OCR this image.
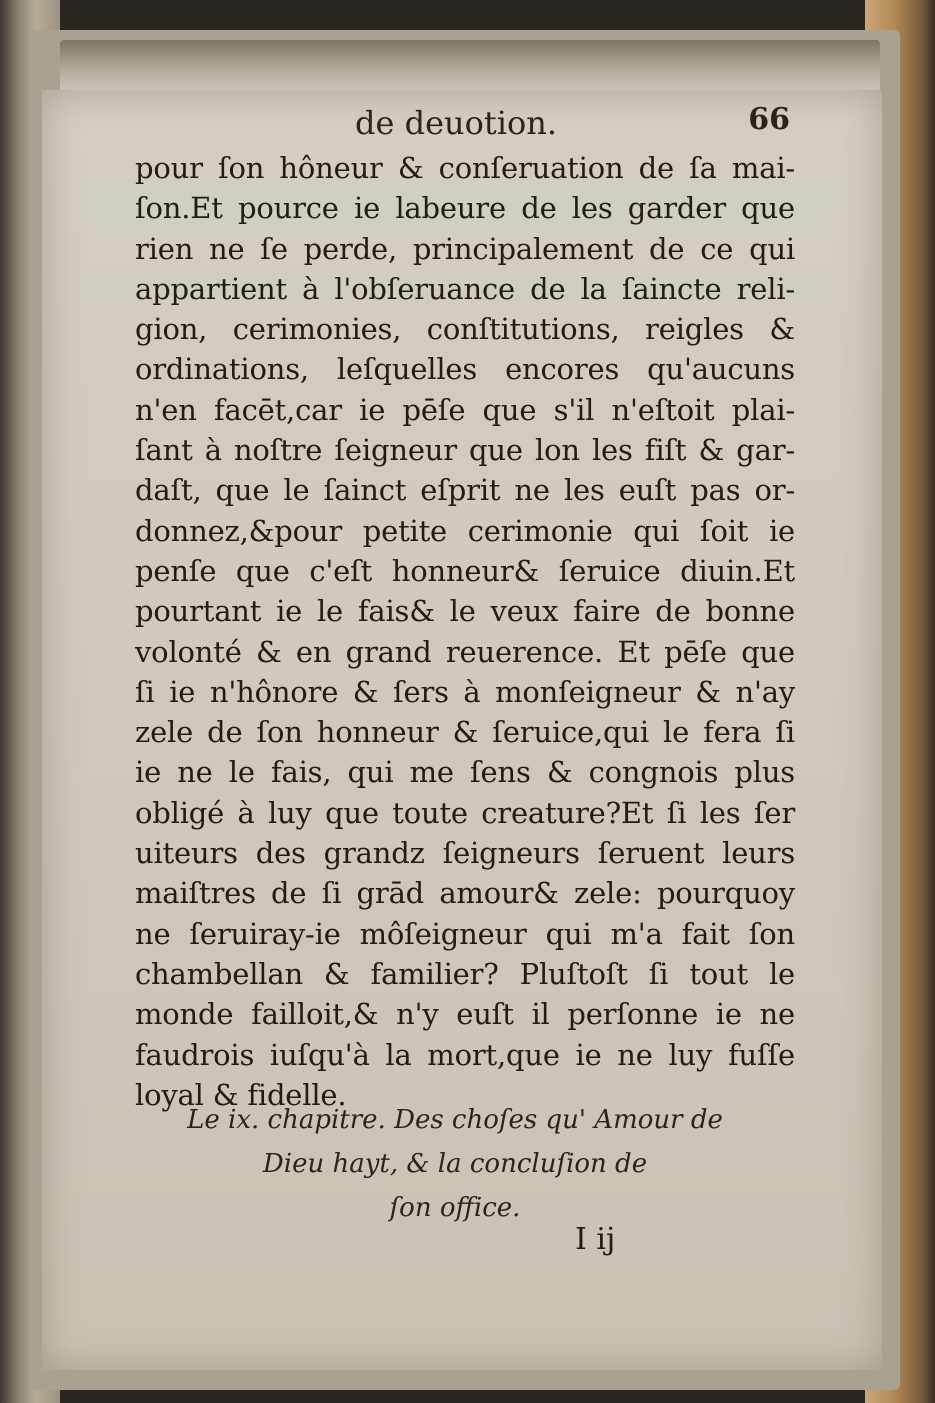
de deuotion.	66
pour ſon hôneur & conſeruation de ſa mai-
ſon.Et pource ie labeure de les garder que
rien ne ſe perde, principalement de ce qui
appartient à l'obſeruance de la ſaincte reli-
gion, cerimonies, conſtitutions, reigles &
ordinations, leſquelles encores qu'aucuns
n'en facēt,car ie pēſe que s'il n'eſtoit plai-
ſant à noſtre ſeigneur que lon les fiſt & gar-
daſt, que le ſainct eſprit ne les euſt pas or-
donnez,&pour petite cerimonie qui ſoit ie
penſe que c'eſt honneur& ſeruice diuin.Et
pourtant ie le fais& le veux faire de bonne
volonté & en grand reuerence. Et pēſe que
ſi ie n'hônore & ſers à monſeigneur & n'ay
zele de ſon honneur & ſeruice,qui le fera ſi
ie ne le fais, qui me ſens & congnois plus
obligé à luy que toute creature?Et ſi les ſer
uiteurs des grandz ſeigneurs ſeruent leurs
maiſtres de ſi grād amour& zele: pourquoy
ne ſeruiray-ie môſeigneur qui m'a fait ſon
chambellan & familier? Pluſtoſt ſi tout le
monde failloit,& n'y euſt il perſonne ie ne
faudrois iuſqu'à la mort,que ie ne luy fuſſe
loyal & fidelle.
Le ix. chapitre. Des choſes qu' Amour de
Dieu hayt, & la concluſion de
ſon office.
I ij
